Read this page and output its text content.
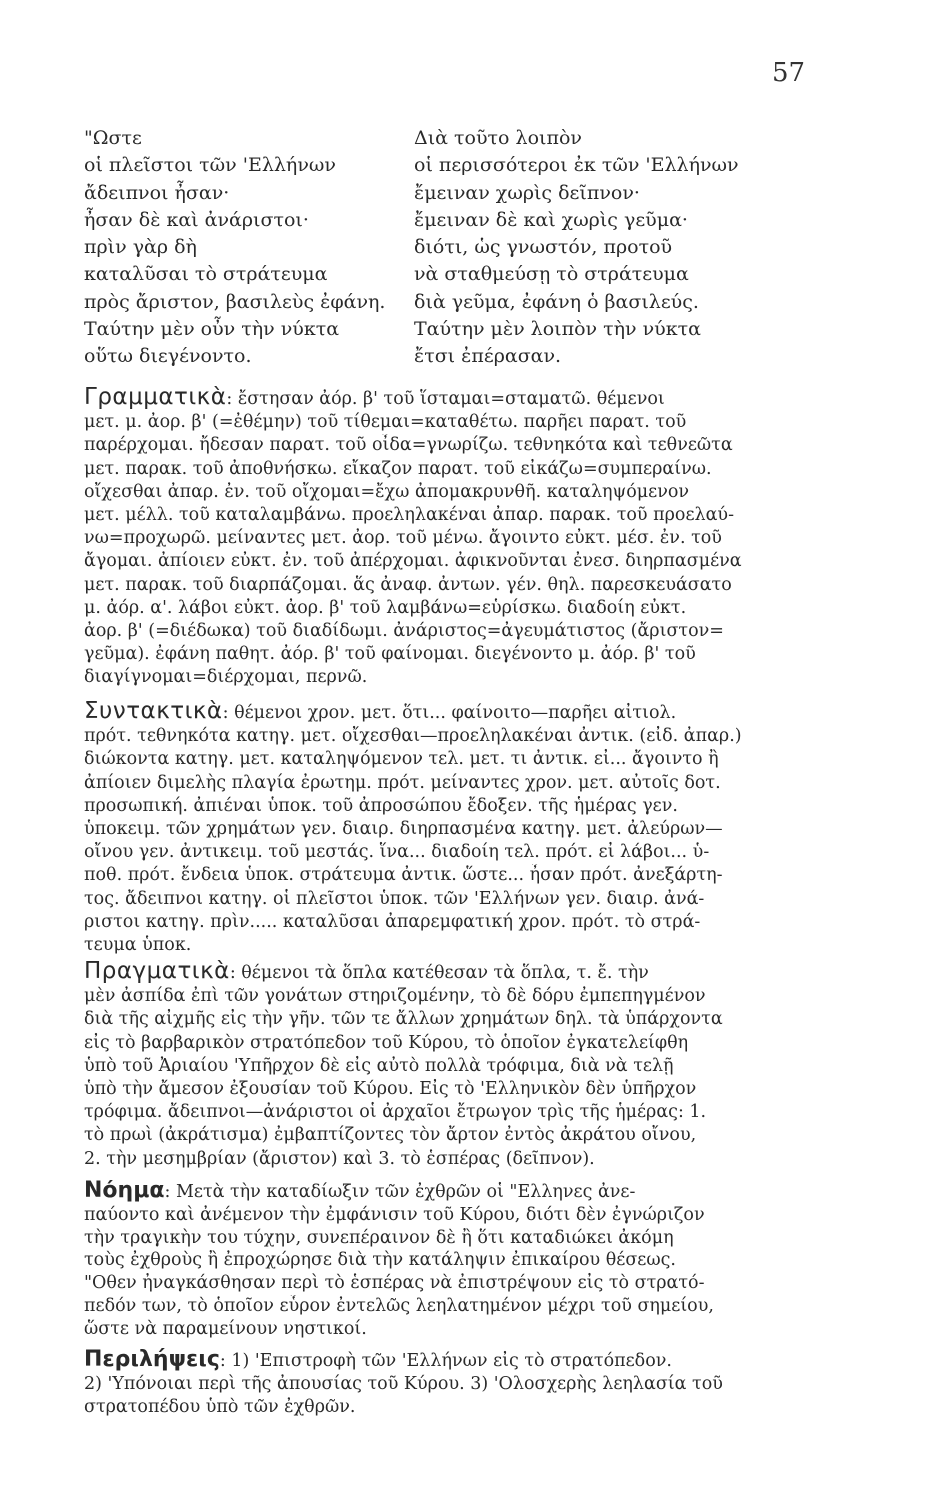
57

"Ωστε

οἱ πλεῖστοι τῶν 'Ελλήνων

ἄδειπνοι ἦσαν·

ἦσαν δὲ καὶ ἀνάριστοι·

πρὶν γὰρ δὴ

καταλῦσαι τὸ στράτευμα

πρὸς ἄριστον, βασιλεὺς ἐφάνη.

Ταύτην μὲν οὖν τὴν νύκτα

οὕτω διεγένοντο.

Διὰ τοῦτο λοιπὸν

οἱ περισσότεροι ἐκ τῶν 'Ελλήνων

ἔμειναν χωρὶς δεῖπνον·

ἔμειναν δὲ καὶ χωρὶς γεῦμα·

διότι, ὡς γνωστόν, προτοῦ

νὰ σταθμεύσῃ τὸ στράτευμα

διὰ γεῦμα, ἐφάνη ὁ βασιλεύς.

Ταύτην μὲν λοιπὸν τὴν νύκτα

ἔτσι ἐπέρασαν.

Γραμματικὰ: ἔστησαν ἀόρ. β' τοῦ ἵσταμαι=σταματῶ. θέμενοι

μετ. μ. ἀορ. β' (=ἐθέμην) τοῦ τίθεμαι=καταθέτω. παρῆει παρατ. τοῦ

παρέρχομαι. ἤδεσαν παρατ. τοῦ οἶδα=γνωρίζω. τεθνηκότα καὶ τεθνεῶτα

μετ. παρακ. τοῦ ἀποθνήσκω. εἴκαζον παρατ. τοῦ εἰκάζω=συμπεραίνω.

οἴχεσθαι ἀπαρ. ἐν. τοῦ οἴχομαι=ἔχω ἀπομακρυνθῆ. καταληψόμενον

μετ. μέλλ. τοῦ καταλαμβάνω. προεληλακέναι ἀπαρ. παρακ. τοῦ προελαύ-

νω=προχωρῶ. μείναντες μετ. ἀορ. τοῦ μένω. ἄγοιντο εὐκτ. μέσ. ἐν. τοῦ

ἄγομαι. ἀπίοιεν εὐκτ. ἐν. τοῦ ἀπέρχομαι. ἀφικνοῦνται ἐνεσ. διηρπασμένα

μετ. παρακ. τοῦ διαρπάζομαι. ἅς ἀναφ. ἀντων. γέν. θηλ. παρεσκευάσατο

μ. ἀόρ. α'. λάβοι εὐκτ. ἀορ. β' τοῦ λαμβάνω=εὑρίσκω. διαδοίη εὐκτ.

ἀορ. β' (=διέδωκα) τοῦ διαδίδωμι. ἀνάριστος=ἀγευμάτιστος (ἄριστον=

γεῦμα). ἐφάνη παθητ. ἀόρ. β' τοῦ φαίνομαι. διεγένοντο μ. ἀόρ. β' τοῦ

διαγίγνομαι=διέρχομαι, περνῶ.

Συντακτικὰ: θέμενοι χρον. μετ. ὅτι... φαίνοιτο—παρῆει αἰτιολ.

πρότ. τεθνηκότα κατηγ. μετ. οἴχεσθαι—προεληλακέναι ἀντικ. (εἰδ. ἀπαρ.)

διώκοντα κατηγ. μετ. καταληψόμενον τελ. μετ. τι ἀντικ. εἰ... ἄγοιντο ἢ

ἀπίοιεν διμελὴς πλαγία ἐρωτημ. πρότ. μείναντες χρον. μετ. αὐτοῖς δοτ.

προσωπική. ἀπιέναι ὑποκ. τοῦ ἀπροσώπου ἔδοξεν. τῆς ἡμέρας γεν.

ὑποκειμ. τῶν χρημάτων γεν. διαιρ. διηρπασμένα κατηγ. μετ. ἀλεύρων—

οἴνου γεν. ἀντικειμ. τοῦ μεστάς. ἵνα... διαδοίη τελ. πρότ. εἰ λάβοι... ὑ-

ποθ. πρότ. ἔνδεια ὑποκ. στράτευμα ἀντικ. ὥστε... ἦσαν πρότ. ἀνεξάρτη-

τος. ἄδειπνοι κατηγ. οἱ πλεῖστοι ὑποκ. τῶν 'Ελλήνων γεν. διαιρ. ἀνά-

ριστοι κατηγ. πρὶν..... καταλῦσαι ἀπαρεμφατική χρον. πρότ. τὸ στρά-

τευμα ὑποκ.

Πραγματικὰ: θέμενοι τὰ ὅπλα κατέθεσαν τὰ ὅπλα, τ. ἔ. τὴν

μὲν ἀσπίδα ἐπὶ τῶν γονάτων στηριζομένην, τὸ δὲ δόρυ ἐμπεπηγμένον

διὰ τῆς αἰχμῆς εἰς τὴν γῆν. τῶν τε ἄλλων χρημάτων δηλ. τὰ ὑπάρχοντα

εἰς τὸ βαρβαρικὸν στρατόπεδον τοῦ Κύρου, τὸ ὁποῖον ἐγκατελείφθη

ὑπὸ τοῦ Ἀριαίου 'Υπῆρχον δὲ εἰς αὐτὸ πολλὰ τρόφιμα, διὰ νὰ τελῇ

ὑπὸ τὴν ἄμεσον ἐξουσίαν τοῦ Κύρου. Εἰς τὸ 'Ελληνικὸν δὲν ὑπῆρχον

τρόφιμα. ἄδειπνοι—ἀνάριστοι οἱ ἀρχαῖοι ἔτρωγον τρὶς τῆς ἡμέρας: 1.

τὸ πρωὶ (ἀκράτισμα) ἐμβαπτίζοντες τὸν ἄρτον ἐντὸς ἀκράτου οἴνου,

2. τὴν μεσημβρίαν (ἄριστον) καὶ 3. τὸ ἑσπέρας (δεῖπνον).

Νόημα: Μετὰ τὴν καταδίωξιν τῶν ἐχθρῶν οἱ "Ελληνες ἀνε-

παύοντο καὶ ἀνέμενον τὴν ἐμφάνισιν τοῦ Κύρου, διότι δὲν ἐγνώριζον

τὴν τραγικὴν του τύχην, συνεπέραινον δὲ ἢ ὅτι καταδιώκει ἀκόμη

τοὺς ἐχθροὺς ἢ ἐπροχώρησε διὰ τὴν κατάληψιν ἐπικαίρου θέσεως.

"Οθεν ἠναγκάσθησαν περὶ τὸ ἑσπέρας νὰ ἐπιστρέψουν εἰς τὸ στρατό-

πεδόν των, τὸ ὁποῖον εὗρον ἐντελῶς λεηλατημένον μέχρι τοῦ σημείου,

ὥστε νὰ παραμείνουν νηστικοί.

Περιλήψεις: 1) 'Επιστροφὴ τῶν 'Ελλήνων εἰς τὸ στρατόπεδον.

2) 'Υπόνοιαι περὶ τῆς ἀπουσίας τοῦ Κύρου. 3) 'Ολοσχερὴς λεηλασία τοῦ

στρατοπέδου ὑπὸ τῶν ἐχθρῶν.
